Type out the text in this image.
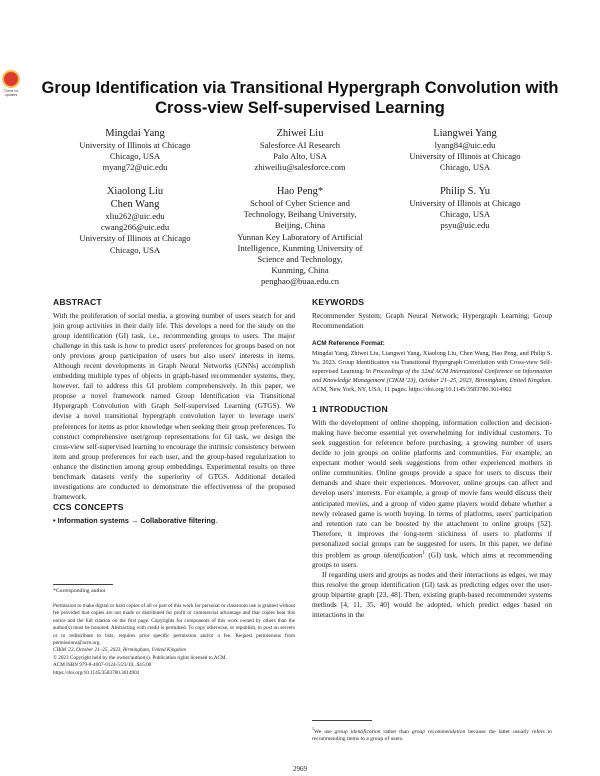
Check for updates Group Identification via Transitional Hypergraph Convolution with Cross-view Self-supervised Learning
Mingdai Yang
University of Illinois at Chicago
Chicago, USA
myang72@uic.edu
Zhiwei Liu
Salesforce AI Research
Palo Alto, USA
zhiweiliu@salesforce.com
Liangwei Yang
lyang84@uic.edu
University of Illinois at Chicago
Chicago, USA
Xiaolong Liu
Chen Wang
xliu262@uic.edu
cwang266@uic.edu
University of Illinois at Chicago
Chicago, USA
Hao Peng*
School of Cyber Science and
Technology, Beihang University,
Beijing, China
Yunnan Key Laboratory of Artificial
Intelligence, Kunming University of
Science and Technology,
Kunming, China
penghao@buaa.edu.cn
Philip S. Yu
University of Illinois at Chicago
Chicago, USA
psyu@uic.edu
ABSTRACT

With the proliferation of social media, a growing number of users search for and join group activities in their daily life. This develops a need for the study on the group identification (GI) task, i.e., recommending groups to users. The major challenge in this task is how to predict users' preferences for groups based on not only previous group participation of users but also users' interests in items. Although recent developments in Graph Neural Networks (GNNs) accomplish embedding multiple types of objects in graph-based recommender systems, they, however, fail to address this GI problem comprehensively. In this paper, we propose a novel framework named Group Identification via Transitional Hypergraph Convolution with Graph Self-supervised Learning (GTGS). We devise a novel transitional hypergraph convolution layer to leverage users' preferences for items as prior knowledge when seeking their group preferences. To construct comprehensive user/group representations for GI task, we design the cross-view self-supervised learning to encourage the intrinsic consistency between item and group preferences for each user, and the group-based regularization to enhance the distinction among group embeddings. Experimental results on three benchmark datasets verify the superiority of GTGS. Additional detailed investigations are conducted to demonstrate the effectiveness of the proposed framework.

CCS CONCEPTS
• Information systems → Collaborative filtering.
*Corresponding author
Permission to make digital or hard copies of all or part of this work for personal or classroom use is granted without fee provided that copies are not made or distributed for profit or commercial advantage and that copies bear this notice and the full citation on the first page. Copyrights for components of this work owned by others than the author(s) must be honored. Abstracting with credit is permitted. To copy otherwise, or republish, to post on servers or to redistribute to lists, requires prior specific permission and/or a fee. Request permissions from permissions@acm.org.
CIKM '23, October 21–25, 2023, Birmingham, United Kingdom
© 2023 Copyright held by the owner/author(s). Publication rights licensed to ACM.
ACM ISBN 979-8-4007-0124-5/23/10...$15.00
https://doi.org/10.1145/3583780.3614902
KEYWORDS

Recommender System; Graph Neural Network; Hypergraph Learning; Group Recommendation

ACM Reference Format:

Mingdai Yang, Zhiwei Liu, Liangwei Yang, Xiaolong Liu, Chen Wang, Hao Peng, and Philip S. Yu. 2023. Group Identification via Transitional Hypergraph Convolution with Cross-view Self-supervised Learning. In Proceedings of the 32nd ACM International Conference on Information and Knowledge Management (CIKM '23), October 21–25, 2023, Birmingham, United Kingdom. ACM, New York, NY, USA, 11 pages. https://doi.org/10.1145/3583780.3614902

1 INTRODUCTION

With the development of online shopping, information collection and decision-making have become essential yet overwhelming for individual customers. To seek suggestion for reference before purchasing, a growing number of users decide to join groups on online platforms and communities. For example, an expectant mother would seek suggestions from other experienced mothers in online communities. Online groups provide a space for users to discuss their demands and share their experiences. Moreover, online groups can affect and develop users' interests. For example, a group of movie fans would discuss their anticipated movies, and a group of video game players would debate whether a newly released game is worth buying. In terms of platforms, users' participation and retention rate can be boosted by the attachment to online groups [52]. Therefore, it improves the long-term stickiness of users to platforms if personalized social groups can be suggested for users. In this paper, we define this problem as group identification$^1$ (GI) task, which aims at recommending groups to users.

If regarding users and groups as nodes and their interactions as edges, we may thus resolve the group identification (GI) task as predicting edges over the user-group bipartite graph [23, 48]. Then, existing graph-based recommender systems methods [4, 11, 35, 40] would be adopted, which predict edges based on interactions in the

$^1$We use group identification rather than group recommendation because the latter usually refers to recommending items to a group of users.
2969
